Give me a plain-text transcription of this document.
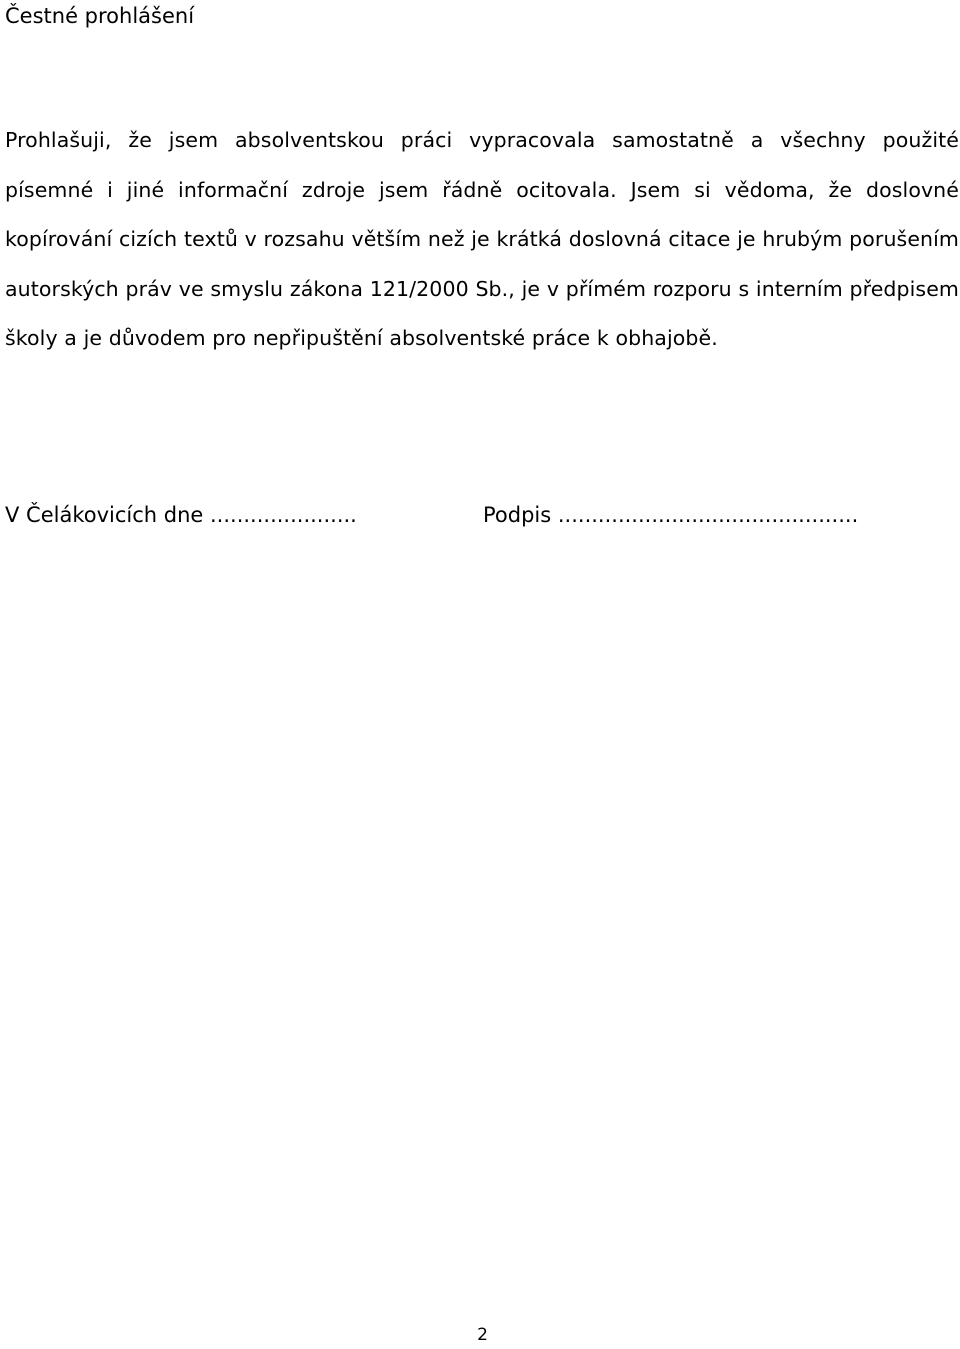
Čestné prohlášení

Prohlašuji, že jsem absolventskou práci vypracovala samostatně a všechny použité písemné i jiné informační zdroje jsem řádně ocitovala. Jsem si vědoma, že doslovné kopírování cizích textů v rozsahu větším než je krátká doslovná citace je hrubým porušením autorských práv ve smyslu zákona 121/2000 Sb., je v přímém rozporu s interním předpisem školy a je důvodem pro nepřipuštění absolventské práce k obhajobě.

V Čelákovicích dne ......................	Podpis .............................................
2
